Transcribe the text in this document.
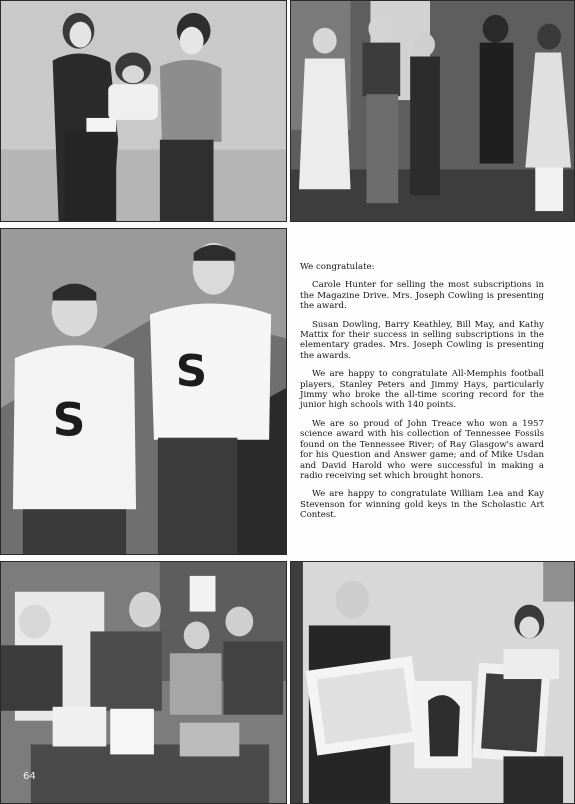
S
S

We congratulate:

Carole Hunter for selling the most subscriptions in the Magazine Drive. Mrs. Joseph Cowling is presenting the award.

Susan Dowling, Barry Keathley, Bill May, and Kathy Mattix for their success in selling subscriptions in the elementary grades. Mrs. Joseph Cowling is presenting the awards.

We are happy to congratulate All-Memphis football players, Stanley Peters and Jimmy Hays, particularly Jimmy who broke the all-time scoring record for the junior high schools with 140 points.

We are so proud of John Treace who won a 1957 science award with his collection of Tennessee Fossils found on the Tennessee River; of Ray Glasgow's award for his Question and Answer game; and of Mike Usdan and David Harold who were successful in making a radio receiving set which brought honors.

We are happy to congratulate William Lea and Kay Stevenson for winning gold keys in the Scholastic Art Contest.

64
